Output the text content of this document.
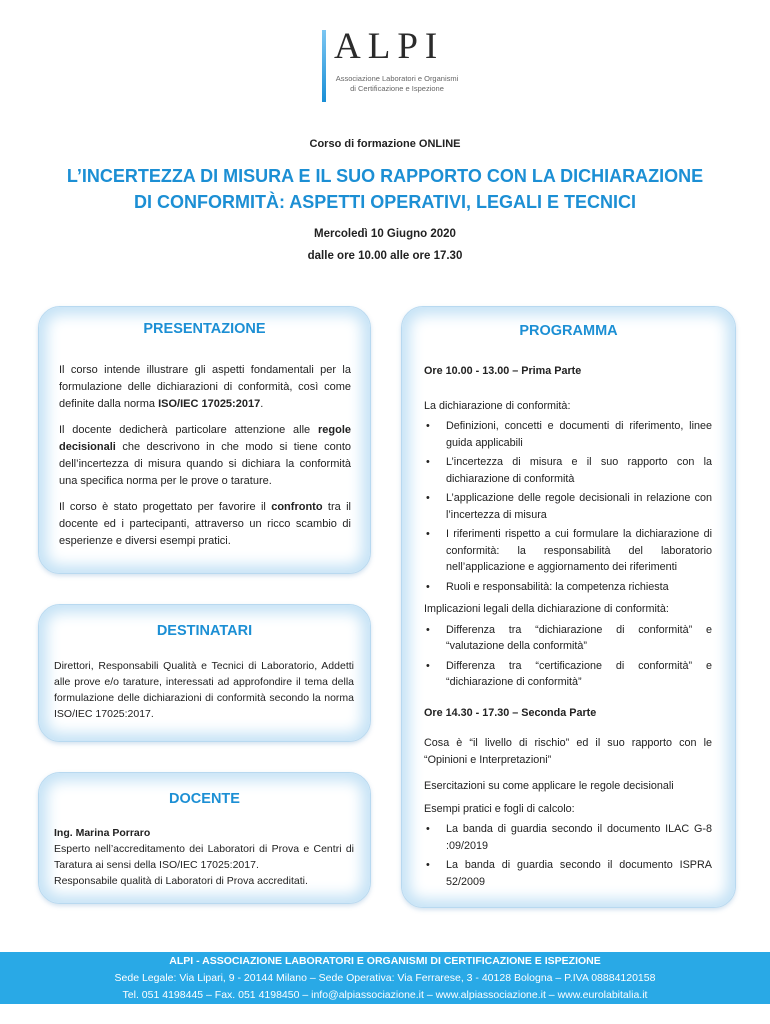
ALPI
Associazione Laboratori e Organismi
di Certificazione e Ispezione
Corso di formazione ONLINE
L’INCERTEZZA DI MISURA E IL SUO RAPPORTO CON LA DICHIARAZIONE
DI CONFORMITÀ: ASPETTI OPERATIVI, LEGALI E TECNICI
Mercoledì 10 Giugno 2020
dalle ore 10.00 alle ore 17.30
PRESENTAZIONE

Il corso intende illustrare gli aspetti fondamentali per la formulazione delle dichiarazioni di conformità, così come definite dalla norma ISO/IEC 17025:2017.

Il docente dedicherà particolare attenzione alle regole decisionali che descrivono in che modo si tiene conto dell’incertezza di misura quando si dichiara la conformità una specifica norma per le prove o tarature.

Il corso è stato progettato per favorire il confronto tra il docente ed i partecipanti, attraverso un ricco scambio di esperienze e diversi esempi pratici.

DESTINATARI
Direttori, Responsabili Qualità e Tecnici di Laboratorio, Addetti alle prove e/o tarature, interessati ad approfondire il tema della formulazione delle dichiarazioni di conformità secondo la norma ISO/IEC 17025:2017.
DOCENTE
Ing. Marina Porraro
Esperto nell’accreditamento dei Laboratori di Prova e Centri di Taratura ai sensi della ISO/IEC 17025:2017.
Responsabile qualità di Laboratori di Prova accreditati.
PROGRAMMA
Ore 10.00 - 13.00 – Prima Parte
La dichiarazione di conformità:
• Definizioni, concetti e documenti di riferimento, linee guida applicabili
• L’incertezza di misura e il suo rapporto con la dichiarazione di conformità
• L’applicazione delle regole decisionali in relazione con l’incertezza di misura
• I riferimenti rispetto a cui formulare la dichiarazione di conformità: la responsabilità del laboratorio nell’applicazione e aggiornamento dei riferimenti
• Ruoli e responsabilità: la competenza richiesta
Implicazioni legali della dichiarazione di conformità:
• Differenza tra “dichiarazione di conformità” e “valutazione della conformità”
• Differenza tra “certificazione di conformità” e “dichiarazione di conformità”
Ore 14.30 - 17.30 – Seconda Parte
Cosa è “il livello di rischio” ed il suo rapporto con le “Opinioni e Interpretazioni”
Esercitazioni su come applicare le regole decisionali
Esempi pratici e fogli di calcolo:
• La banda di guardia secondo il documento ILAC G-8 :09/2019
• La banda di guardia secondo il documento ISPRA 52/2009
ALPI - ASSOCIAZIONE LABORATORI E ORGANISMI DI CERTIFICAZIONE E ISPEZIONE
Sede Legale: Via Lipari, 9 - 20144 Milano – Sede Operativa: Via Ferrarese, 3 - 40128 Bologna – P.IVA 08884120158
Tel. 051 4198445 – Fax. 051 4198450 – info@alpiassociazione.it – www.alpiassociazione.it – www.eurolabitalia.it
